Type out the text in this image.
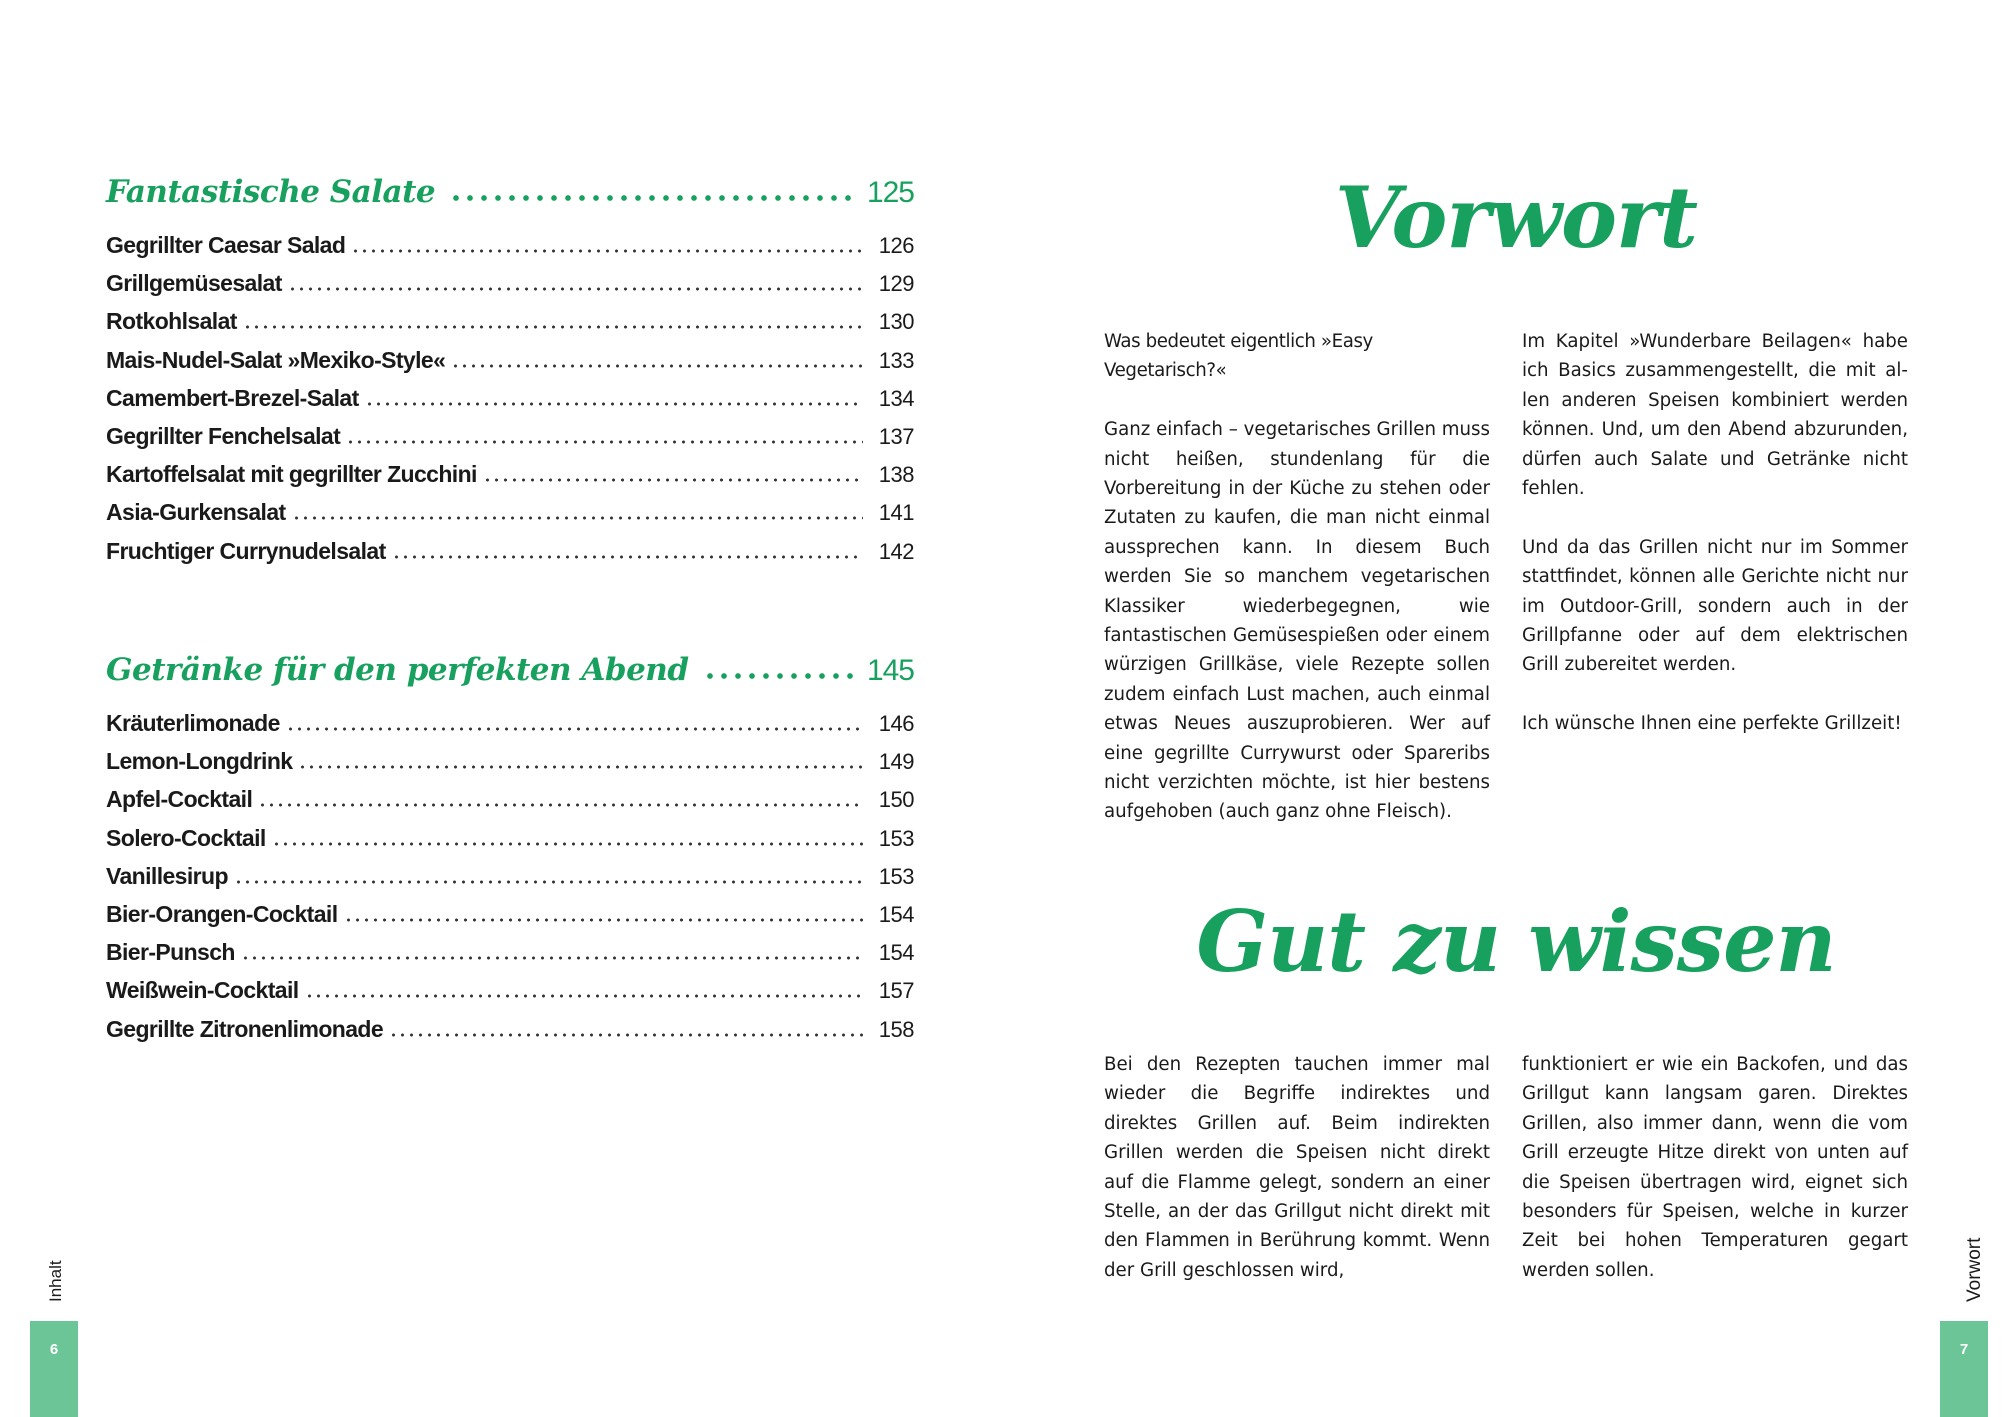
Fantastische Salate	125
Gegrillter Caesar Salad	126
Grillgemüsesalat	129
Rotkohlsalat	130
Mais-Nudel-Salat »Mexiko-Style«	133
Camembert-Brezel-Salat	134
Gegrillter Fenchelsalat	137
Kartoffelsalat mit gegrillter Zucchini	138
Asia-Gurkensalat	141
Fruchtiger Currynudelsalat	142
Getränke für den perfekten Abend	145
Kräuterlimonade	146
Lemon-Longdrink	149
Apfel-Cocktail	150
Solero-Cocktail	153
Vanillesirup	153
Bier-Orangen-Cocktail	154
Bier-Punsch	154
Weißwein-Cocktail	157
Gegrillte Zitronenlimonade	158
Inhalt
6
Vorwort

Was bedeutet eigentlich »Easy Vegetarisch?«

Ganz einfach – vegetarisches Grillen muss nicht heißen, stundenlang für die Vorbereitung in der Küche zu stehen oder Zutaten zu kaufen, die man nicht einmal aussprechen kann. In diesem Buch werden Sie so manchem vegetarischen Klassiker wiederbegegnen, wie fantastischen Gemüsespießen oder einem würzigen Grillkäse, viele Rezepte sollen zudem einfach Lust machen, auch einmal etwas Neues auszuprobieren. Wer auf eine gegrillte Currywurst oder Spareribs nicht verzichten möchte, ist hier bestens aufgehoben (auch ganz ohne Fleisch).

Im Kapitel »Wunderbare Beilagen« habe ich Basics zusammengestellt, die mit allen anderen Speisen kombiniert werden können. Und, um den Abend abzurunden, dürfen auch Salate und Getränke nicht fehlen.

Und da das Grillen nicht nur im Sommer stattfindet, können alle Gerichte nicht nur im Outdoor-Grill, sondern auch in der Grillpfanne oder auf dem elektrischen Grill zubereitet werden.

Ich wünsche Ihnen eine perfekte Grillzeit!

Gut zu wissen

Bei den Rezepten tauchen immer mal wieder die Begriffe indirektes und direktes Grillen auf. Beim indirekten Grillen werden die Speisen nicht direkt auf die Flamme gelegt, sondern an einer Stelle, an der das Grillgut nicht direkt mit den Flammen in Berührung kommt. Wenn der Grill geschlossen wird,

funktioniert er wie ein Backofen, und das Grillgut kann langsam garen. Direktes Grillen, also immer dann, wenn die vom Grill erzeugte Hitze direkt von unten auf die Speisen übertragen wird, eignet sich besonders für Speisen, welche in kurzer Zeit bei hohen Temperaturen gegart werden sollen.	Vorwort
7
